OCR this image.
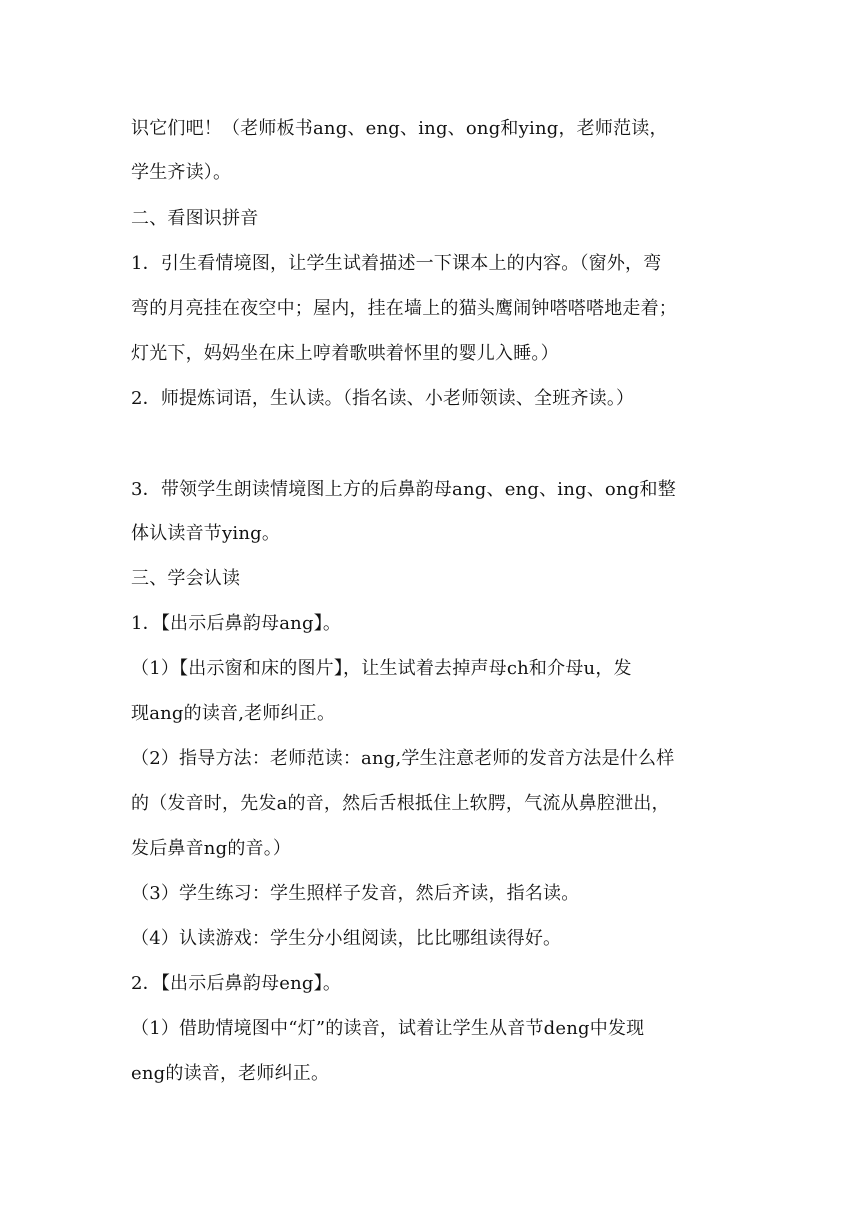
识它们吧！（老师板书ang、eng、ing、ong和ying，老师范读，
学生齐读）。
二、看图识拼音
1．引生看情境图，让学生试着描述一下课本上的内容。（窗外，弯
弯的月亮挂在夜空中；屋内，挂在墙上的猫头鹰闹钟嗒嗒嗒地走着；
灯光下，妈妈坐在床上哼着歌哄着怀里的婴儿入睡。）
2．师提炼词语，生认读。（指名读、小老师领读、全班齐读。）
3．带领学生朗读情境图上方的后鼻韵母ang、eng、ing、ong和整
体认读音节ying。
三、学会认读
1．【出示后鼻韵母ang】。
（1）【出示窗和床的图片】，让生试着去掉声母ch和介母u，发
现ang的读音,老师纠正。
（2）指导方法：老师范读：ang,学生注意老师的发音方法是什么样
的（发音时，先发a的音，然后舌根抵住上软腭，气流从鼻腔泄出，
发后鼻音ng的音。）
（3）学生练习：学生照样子发音，然后齐读，指名读。
（4）认读游戏：学生分小组阅读，比比哪组读得好。
2．【出示后鼻韵母eng】。
（1）借助情境图中“灯”的读音，试着让学生从音节deng中发现
eng的读音，老师纠正。
